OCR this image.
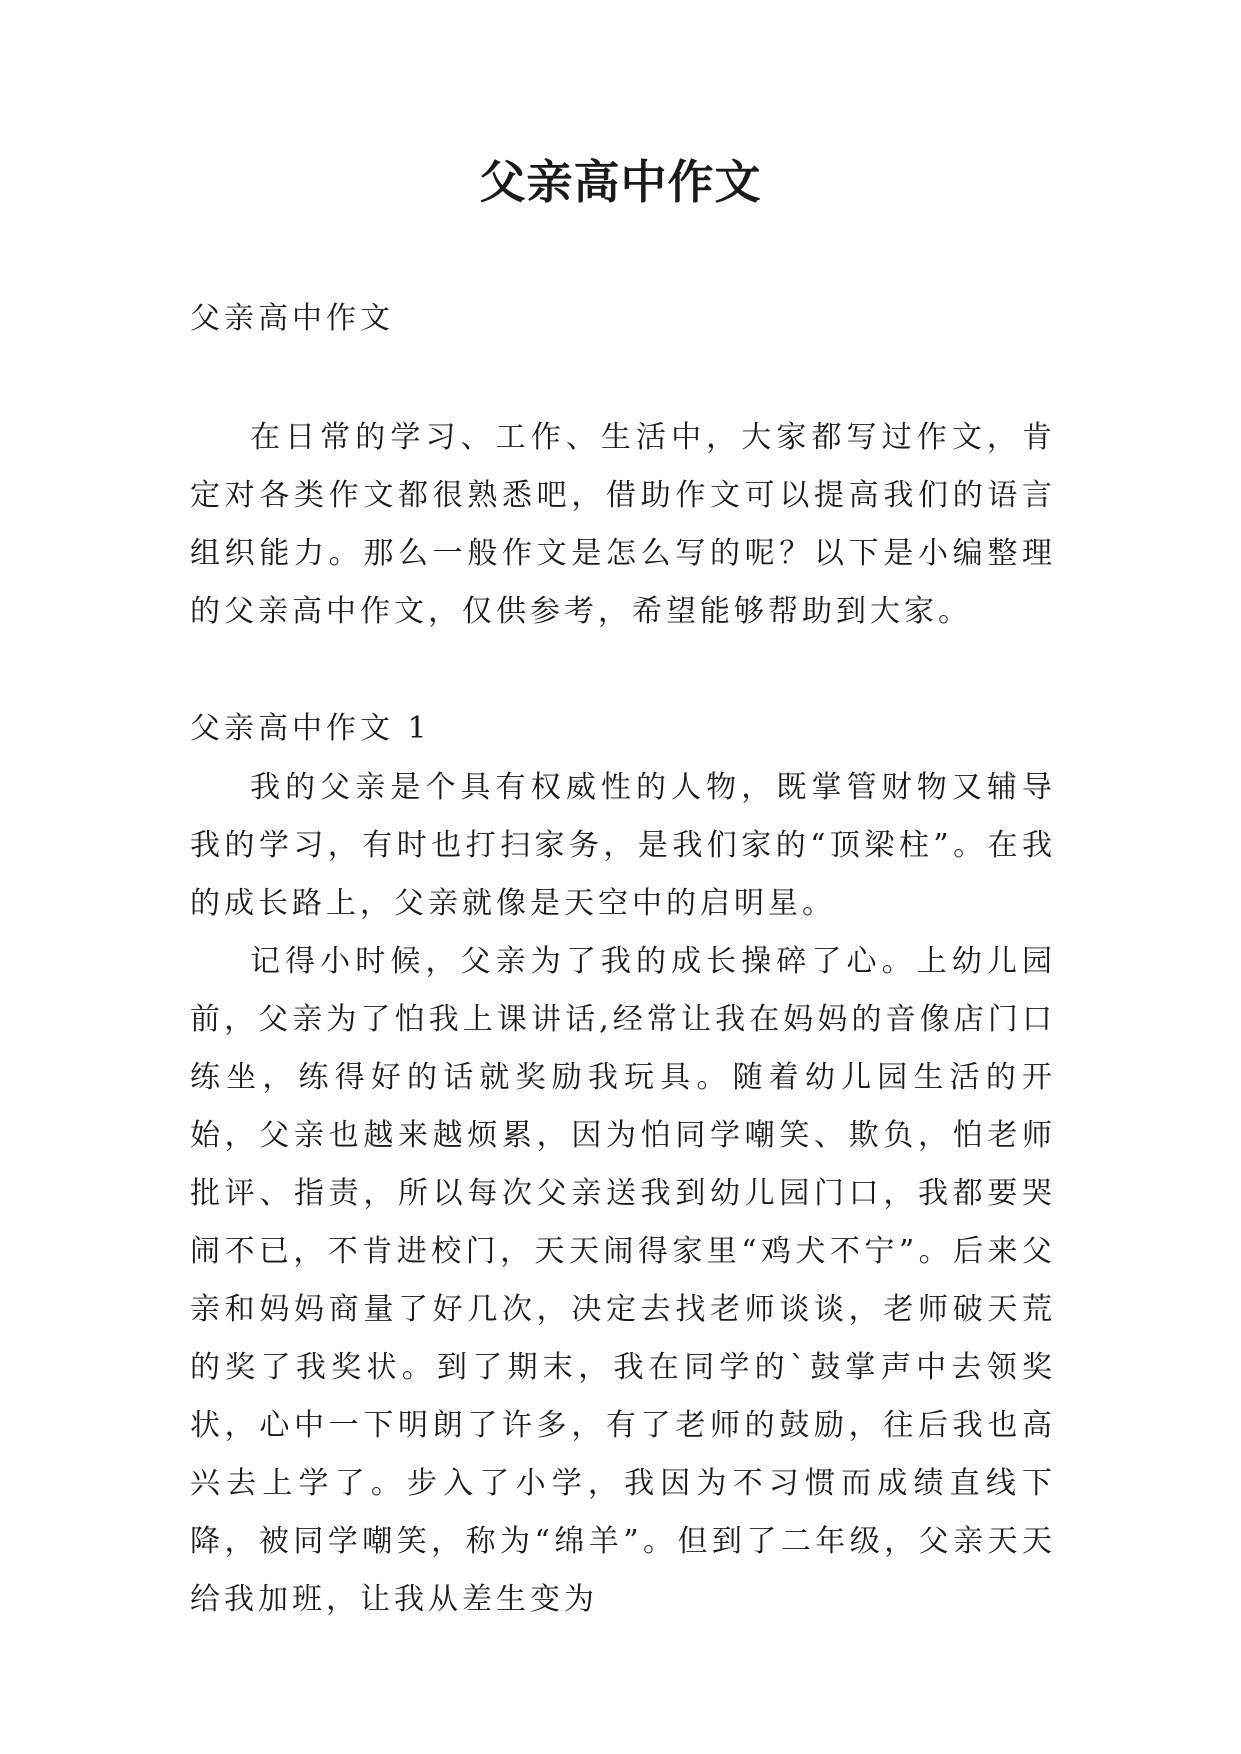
父亲高中作文
父亲高中作文

在日常的学习、工作、生活中，大家都写过作文，肯定对各类作文都很熟悉吧，借助作文可以提高我们的语言组织能力。那么一般作文是怎么写的呢？以下是小编整理的父亲高中作文，仅供参考，希望能够帮助到大家。

父亲高中作文 1

我的父亲是个具有权威性的人物，既掌管财物又辅导我的学习，有时也打扫家务，是我们家的“顶梁柱”。在我的成长路上，父亲就像是天空中的启明星。

记得小时候，父亲为了我的成长操碎了心。上幼儿园前，父亲为了怕我上课讲话,经常让我在妈妈的音像店门口练坐，练得好的话就奖励我玩具。随着幼儿园生活的开始，父亲也越来越烦累，因为怕同学嘲笑、欺负，怕老师批评、指责，所以每次父亲送我到幼儿园门口，我都要哭闹不已，不肯进校门，天天闹得家里“鸡犬不宁”。后来父亲和妈妈商量了好几次，决定去找老师谈谈，老师破天荒的奖了我奖状。到了期末，我在同学的`鼓掌声中去领奖状，心中一下明朗了许多，有了老师的鼓励，往后我也高兴去上学了。步入了小学，我因为不习惯而成绩直线下降，被同学嘲笑，称为“绵羊”。但到了二年级，父亲天天给我加班，让我从差生变为
